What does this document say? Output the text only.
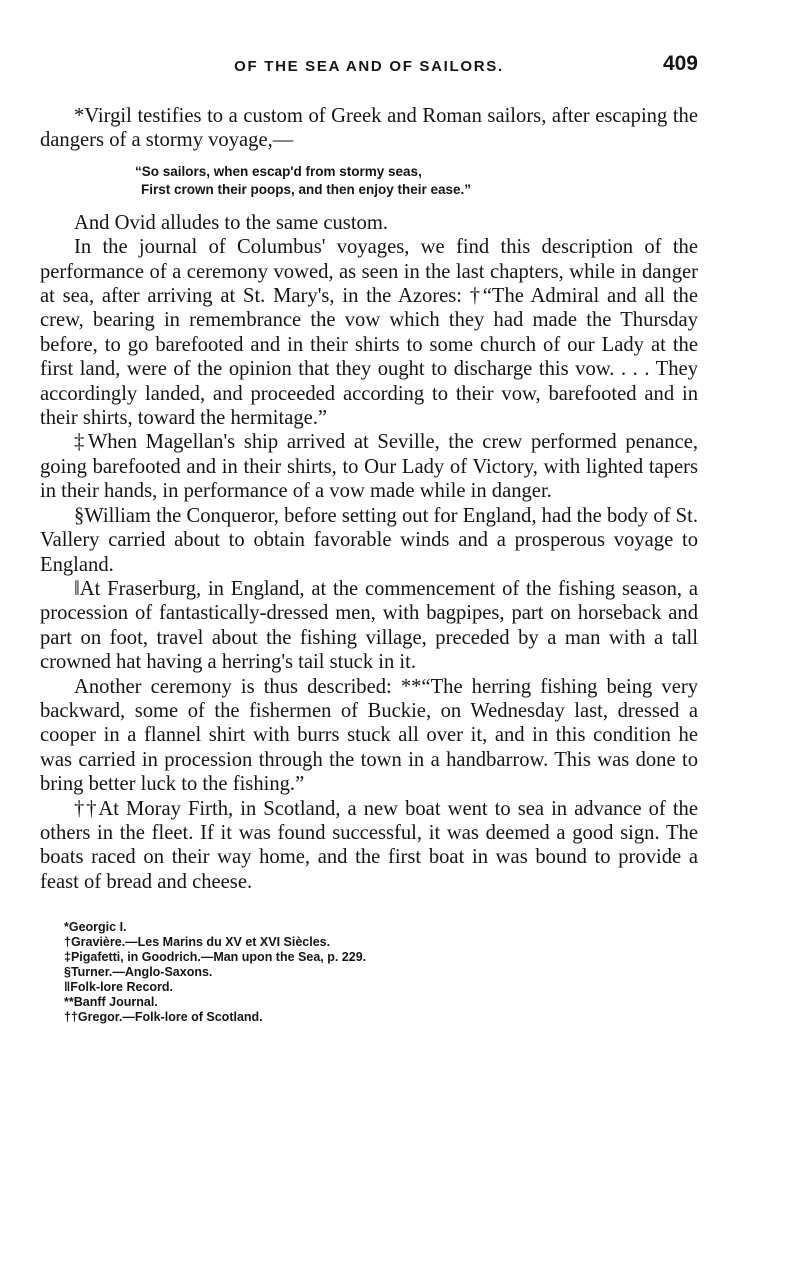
OF THE SEA AND OF SAILORS.	409

*Virgil testifies to a custom of Greek and Roman sailors, after escaping the dangers of a stormy voyage,—

“So sailors, when escap'd from stormy seas,
First crown their poops, and then enjoy their ease.”

And Ovid alludes to the same custom.

In the journal of Columbus' voyages, we find this description of the performance of a ceremony vowed, as seen in the last chapters, while in danger at sea, after arriving at St. Mary's, in the Azores: †“The Admiral and all the crew, bearing in remembrance the vow which they had made the Thursday before, to go barefooted and in their shirts to some church of our Lady at the first land, were of the opinion that they ought to discharge this vow. . . . They accordingly landed, and proceeded according to their vow, barefooted and in their shirts, toward the hermitage.”

‡When Magellan's ship arrived at Seville, the crew performed penance, going barefooted and in their shirts, to Our Lady of Victory, with lighted tapers in their hands, in performance of a vow made while in danger.

§William the Conqueror, before setting out for England, had the body of St. Vallery carried about to obtain favorable winds and a prosperous voyage to England.

‖At Fraserburg, in England, at the commencement of the fishing season, a procession of fantastically-dressed men, with bagpipes, part on horseback and part on foot, travel about the fishing village, preceded by a man with a tall crowned hat having a herring's tail stuck in it.

Another ceremony is thus described: **“The herring fishing being very backward, some of the fishermen of Buckie, on Wednesday last, dressed a cooper in a flannel shirt with burrs stuck all over it, and in this condition he was carried in procession through the town in a handbarrow. This was done to bring better luck to the fishing.”

††At Moray Firth, in Scotland, a new boat went to sea in advance of the others in the fleet. If it was found successful, it was deemed a good sign. The boats raced on their way home, and the first boat in was bound to provide a feast of bread and cheese.

*Georgic I.
†Gravière.—Les Marins du XV et XVI Siècles.
‡Pigafetti, in Goodrich.—Man upon the Sea, p. 229.
§Turner.—Anglo-Saxons.
‖Folk-lore Record.
**Banff Journal.
††Gregor.—Folk-lore of Scotland.
